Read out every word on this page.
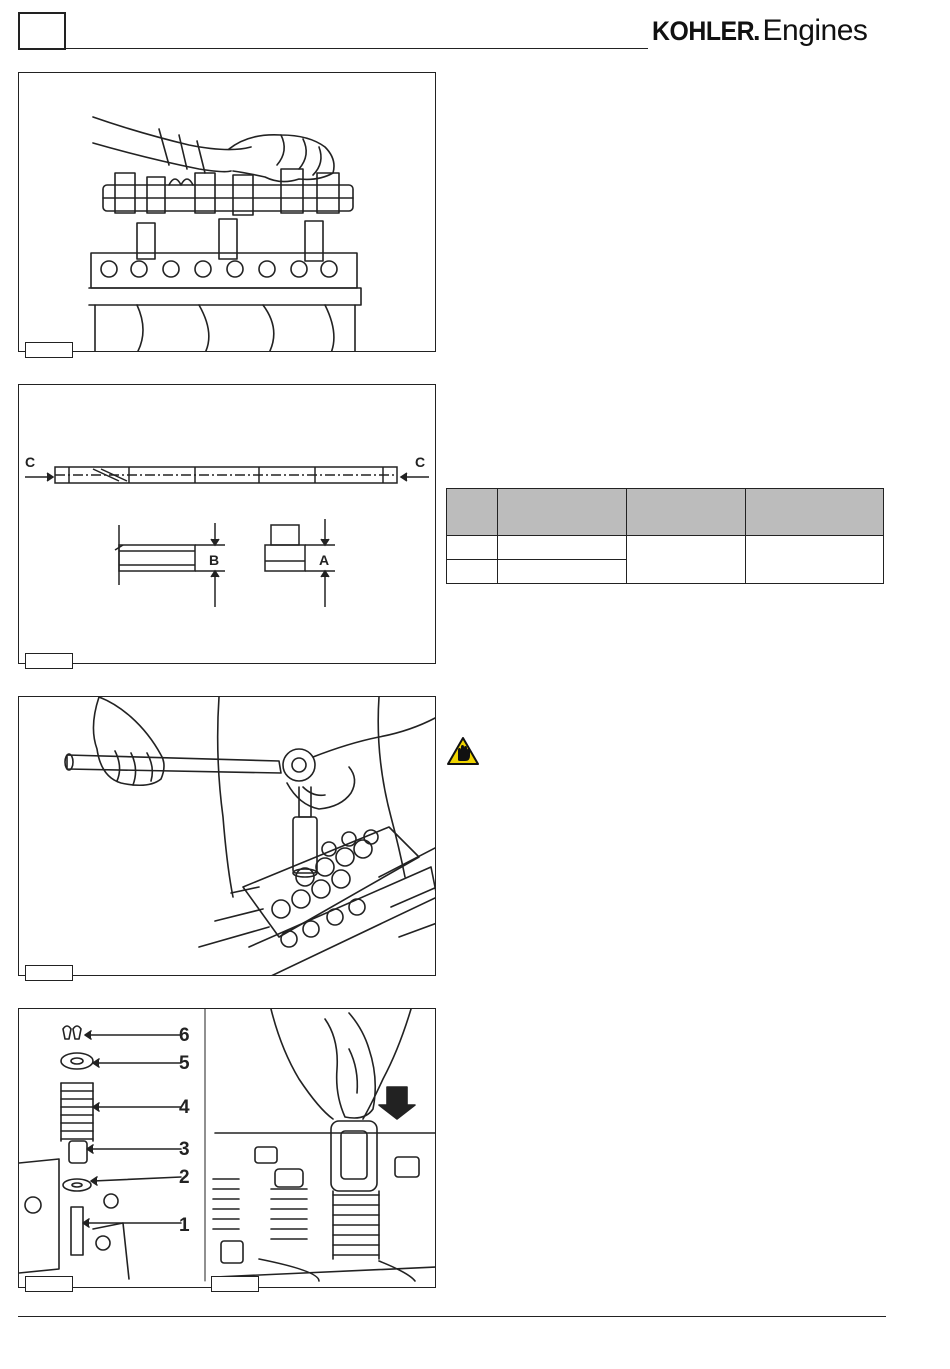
KOHLER
. Engines
C	C
B	A

1
2
3
4
5
6
